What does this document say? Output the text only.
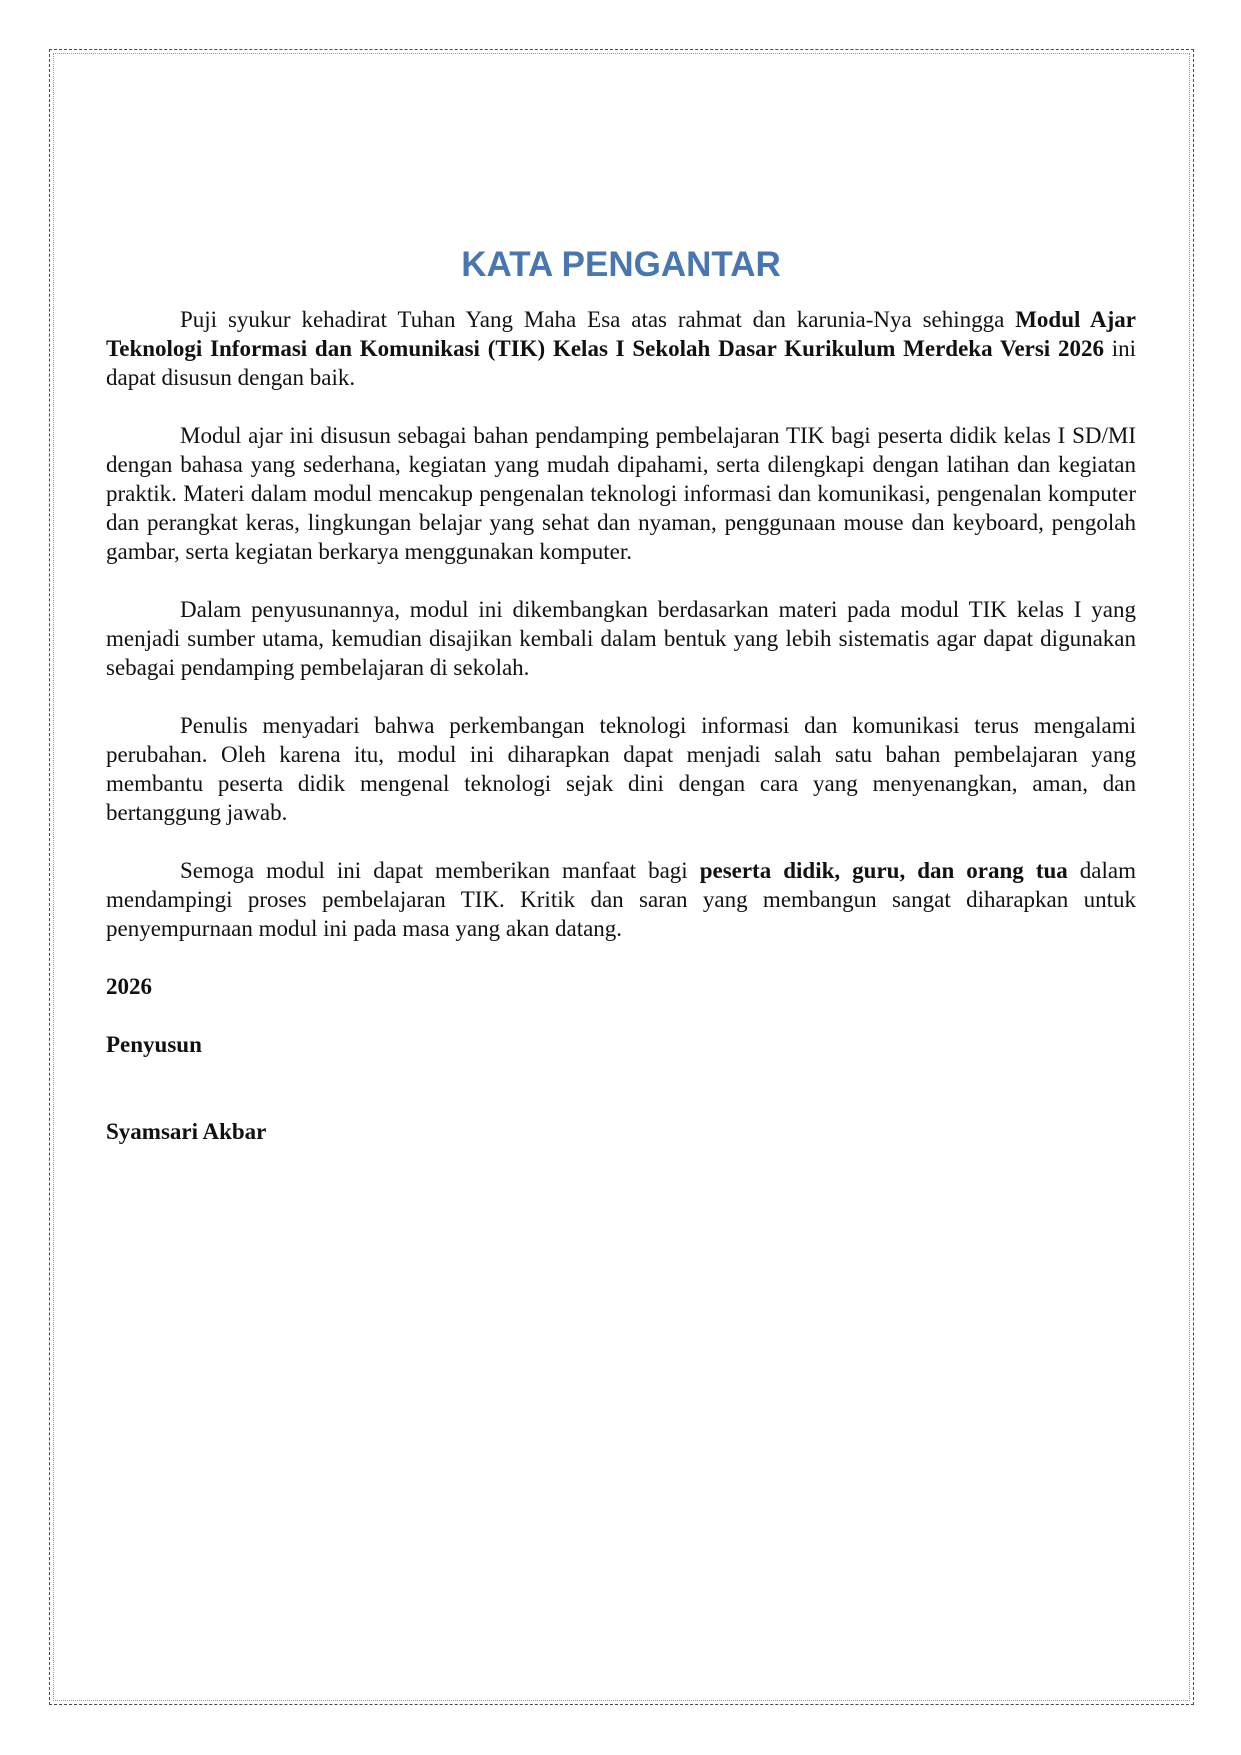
KATA PENGANTAR

Puji syukur kehadirat Tuhan Yang Maha Esa atas rahmat dan karunia-Nya sehingga Modul Ajar Teknologi Informasi dan Komunikasi (TIK) Kelas I Sekolah Dasar Kurikulum Merdeka Versi 2026 ini dapat disusun dengan baik.

Modul ajar ini disusun sebagai bahan pendamping pembelajaran TIK bagi peserta didik kelas I SD/MI dengan bahasa yang sederhana, kegiatan yang mudah dipahami, serta dilengkapi dengan latihan dan kegiatan praktik. Materi dalam modul mencakup pengenalan teknologi informasi dan komunikasi, pengenalan komputer dan perangkat keras, lingkungan belajar yang sehat dan nyaman, penggunaan mouse dan keyboard, pengolah gambar, serta kegiatan berkarya menggunakan komputer.

Dalam penyusunannya, modul ini dikembangkan berdasarkan materi pada modul TIK kelas I yang menjadi sumber utama, kemudian disajikan kembali dalam bentuk yang lebih sistematis agar dapat digunakan sebagai pendamping pembelajaran di sekolah.

Penulis menyadari bahwa perkembangan teknologi informasi dan komunikasi terus mengalami perubahan. Oleh karena itu, modul ini diharapkan dapat menjadi salah satu bahan pembelajaran yang membantu peserta didik mengenal teknologi sejak dini dengan cara yang menyenangkan, aman, dan bertanggung jawab.

Semoga modul ini dapat memberikan manfaat bagi peserta didik, guru, dan orang tua dalam mendampingi proses pembelajaran TIK. Kritik dan saran yang membangun sangat diharapkan untuk penyempurnaan modul ini pada masa yang akan datang.

2026
Penyusun
Syamsari Akbar
